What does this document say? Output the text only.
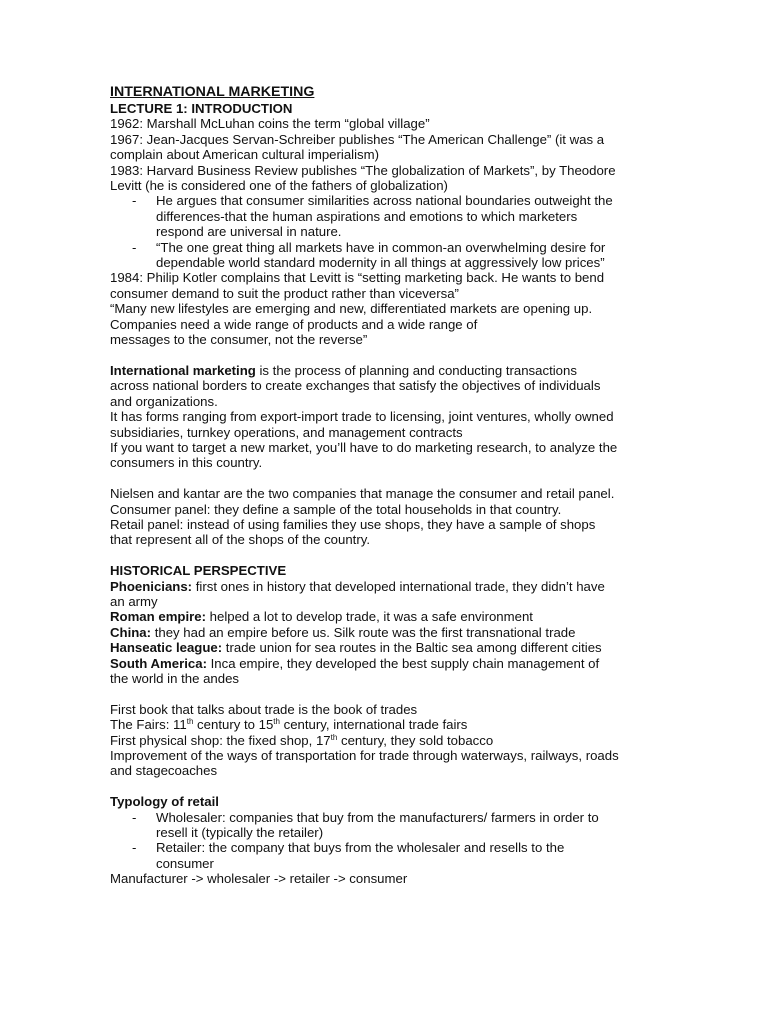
INTERNATIONAL MARKETING

LECTURE 1: INTRODUCTION

1962: Marshall McLuhan coins the term “global village”

1967: Jean-Jacques Servan-Schreiber publishes “The American Challenge” (it was a

complain about American cultural imperialism)

1983: Harvard Business Review publishes “The globalization of Markets”, by Theodore

Levitt (he is considered one of the fathers of globalization)

- He argues that consumer similarities across national boundaries outweight the

differences-that the human aspirations and emotions to which marketers

respond are universal in nature.

- “The one great thing all markets have in common-an overwhelming desire for

dependable world standard modernity in all things at aggressively low prices”

1984: Philip Kotler complains that Levitt is “setting marketing back. He wants to bend

consumer demand to suit the product rather than viceversa”

“Many new lifestyles are emerging and new, differentiated markets are opening up.

Companies need a wide range of products and a wide range of

messages to the consumer, not the reverse”

International marketing is the process of planning and conducting transactions

across national borders to create exchanges that satisfy the objectives of individuals

and organizations.

It has forms ranging from export-import trade to licensing, joint ventures, wholly owned

subsidiaries, turnkey operations, and management contracts

If you want to target a new market, you’ll have to do marketing research, to analyze the

consumers in this country.

Nielsen and kantar are the two companies that manage the consumer and retail panel.

Consumer panel: they define a sample of the total households in that country.

Retail panel: instead of using families they use shops, they have a sample of shops

that represent all of the shops of the country.

HISTORICAL PERSPECTIVE

Phoenicians: first ones in history that developed international trade, they didn’t have

an army

Roman empire: helped a lot to develop trade, it was a safe environment

China: they had an empire before us. Silk route was the first transnational trade

Hanseatic league: trade union for sea routes in the Baltic sea among different cities

South America: Inca empire, they developed the best supply chain management of

the world in the andes

First book that talks about trade is the book of trades

The Fairs: 11th century to 15th century, international trade fairs

First physical shop: the fixed shop, 17th century, they sold tobacco

Improvement of the ways of transportation for trade through waterways, railways, roads

and stagecoaches

Typology of retail

- Wholesaler: companies that buy from the manufacturers/ farmers in order to

resell it (typically the retailer)

- Retailer: the company that buys from the wholesaler and resells to the

consumer

Manufacturer -> wholesaler -> retailer -> consumer
